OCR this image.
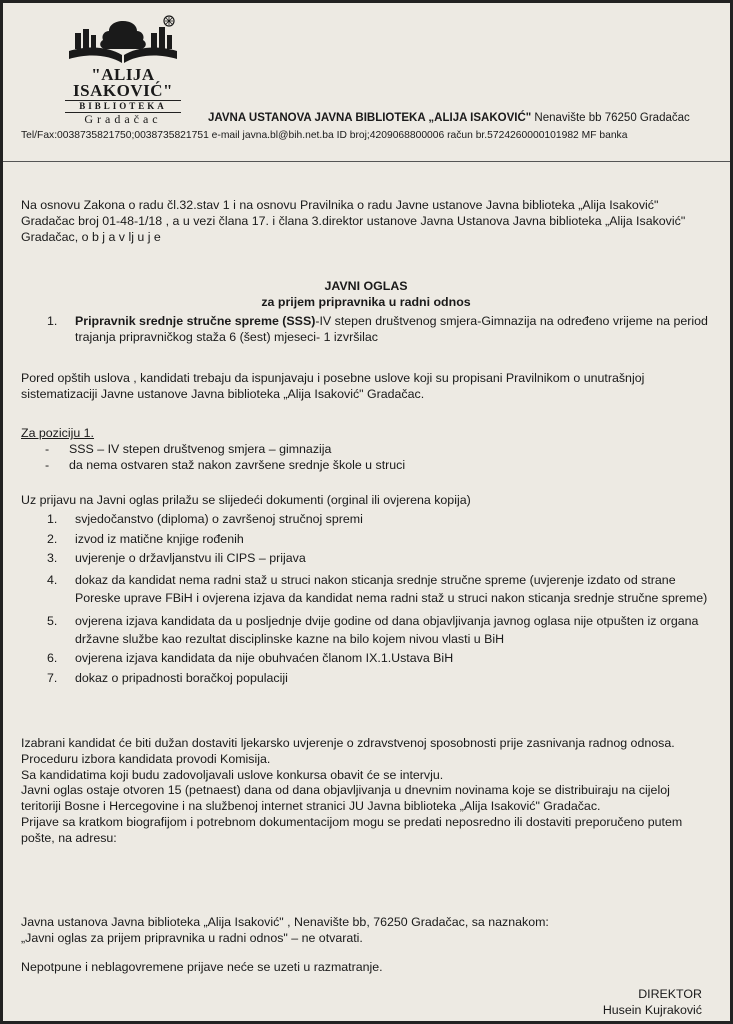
"ALIJA ISAKOVIĆ"
BIBLIOTEKA
Gradačac	JAVNA USTANOVA JAVNA BIBLIOTEKA „ALIJA ISAKOVIĆ" Nenavište bb 76250 Gradačac
Tel/Fax:0038735821750;0038735821751 e-mail javna.bl@bih.net.ba ID broj;4209068800006 račun br.5724260000101982 MF banka
Na osnovu Zakona o radu čl.32.stav 1 i na osnovu Pravilnika o radu Javne ustanove Javna biblioteka „Alija Isaković" Gradačac broj 01-48-1/18 , a u vezi člana 17. i člana 3.direktor ustanove Javna Ustanova Javna biblioteka „Alija Isaković" Gradačac, o b j a v lj u j e
JAVNI OGLAS
za prijem pripravnika u radni odnos
1.	Pripravnik srednje stručne spreme (SSS)-IV stepen društvenog smjera-Gimnazija na određeno vrijeme na period trajanja pripravničkog staža 6 (šest) mjeseci- 1 izvršilac
Pored opštih uslova , kandidati trebaju da ispunjavaju i posebne uslove koji su propisani Pravilnikom o unutrašnjoj sistematizaciji Javne ustanove Javna biblioteka „Alija Isaković" Gradačac.
Za poziciju 1.
-	SSS – IV stepen društvenog smjera – gimnazija
-	da nema ostvaren staž nakon završene srednje škole u struci
Uz prijavu na Javni oglas prilažu se slijedeći dokumenti (orginal ili ovjerena kopija)
1.	svjedočanstvo (diploma) o završenoj stručnoj spremi
2.	izvod iz matične knjige rođenih
3.	uvjerenje o državljanstvu ili CIPS – prijava
4.	dokaz da kandidat nema radni staž u struci nakon sticanja srednje stručne spreme (uvjerenje izdato od strane Poreske uprave FBiH i ovjerena izjava da kandidat nema radni staž u struci nakon sticanja srednje stručne spreme)
5.	ovjerena izjava kandidata da u posljednje dvije godine od dana objavljivanja javnog oglasa nije otpušten iz organa državne službe kao rezultat disciplinske kazne na bilo kojem nivou vlasti u BiH
6.	ovjerena izjava kandidata da nije obuhvaćen članom IX.1.Ustava BiH
7.	dokaz o pripadnosti boračkoj populaciji
Izabrani kandidat će biti dužan dostaviti ljekarsko uvjerenje o zdravstvenoj sposobnosti prije zasnivanja radnog odnosa.
Proceduru izbora kandidata provodi Komisija.
Sa kandidatima koji budu zadovoljavali uslove konkursa obavit će se intervju.
Javni oglas ostaje otvoren 15 (petnaest) dana od dana objavljivanja u dnevnim novinama koje se distribuiraju na cijeloj teritoriji Bosne i Hercegovine i na službenoj internet stranici JU Javna biblioteka „Alija Isaković" Gradačac.
Prijave sa kratkom biografijom i potrebnom dokumentacijom mogu se predati neposredno ili dostaviti preporučeno putem pošte, na adresu:
Javna ustanova Javna biblioteka „Alija Isaković" , Nenavište bb, 76250 Gradačac, sa naznakom:
„Javni oglas za prijem pripravnika u radni odnos" – ne otvarati.
Nepotpune i neblagovremene prijave neće se uzeti u razmatranje.
DIREKTOR
Husein Kujraković
